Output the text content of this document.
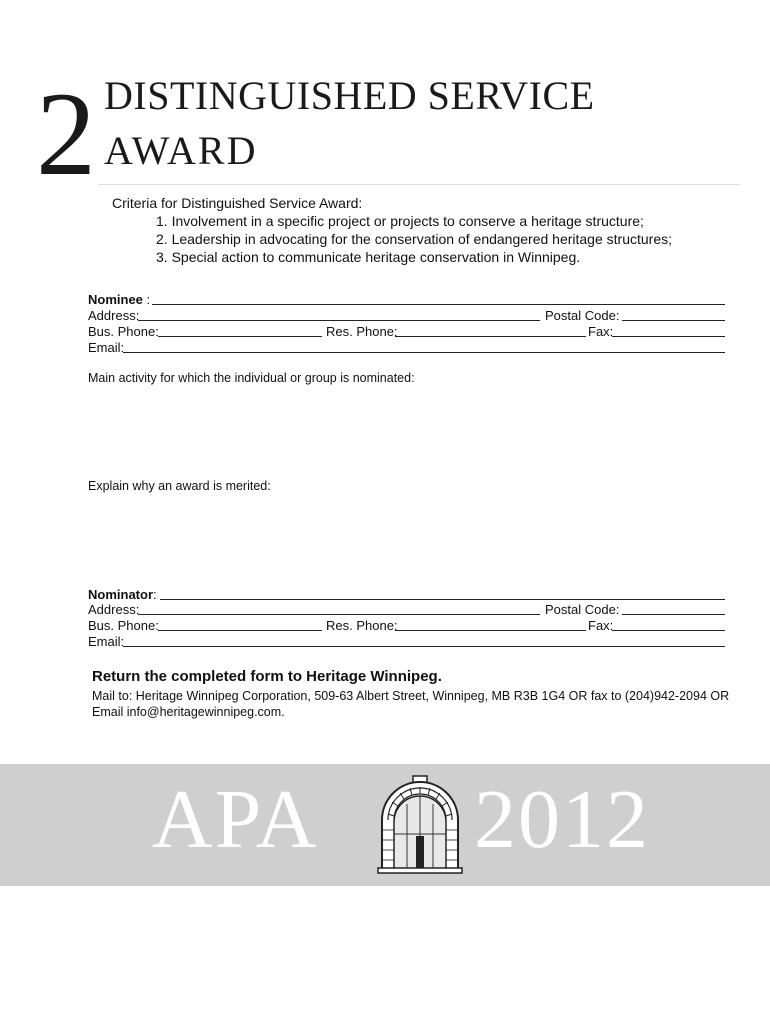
2 DISTINGUISHED SERVICE
AWARD
Criteria for Distinguished Service Award:
1. Involvement in a specific project or projects to conserve a heritage structure;
2. Leadership in advocating for the conservation of endangered heritage structures;
3. Special action to communicate heritage conservation in Winnipeg.
Nominee :
Address:	Postal Code:
Bus. Phone:	Res. Phone:	Fax:
Email:
Main activity for which the individual or group is nominated:
Explain why an award is merited:
Nominator:
Address:	Postal Code:
Bus. Phone:	Res. Phone:	Fax:
Email:
Return the completed form to Heritage Winnipeg.
Mail to: Heritage Winnipeg Corporation, 509-63 Albert Street, Winnipeg, MB R3B 1G4 OR fax to (204)942-2094 OR
Email info@heritagewinnipeg.com.
APA 2012
